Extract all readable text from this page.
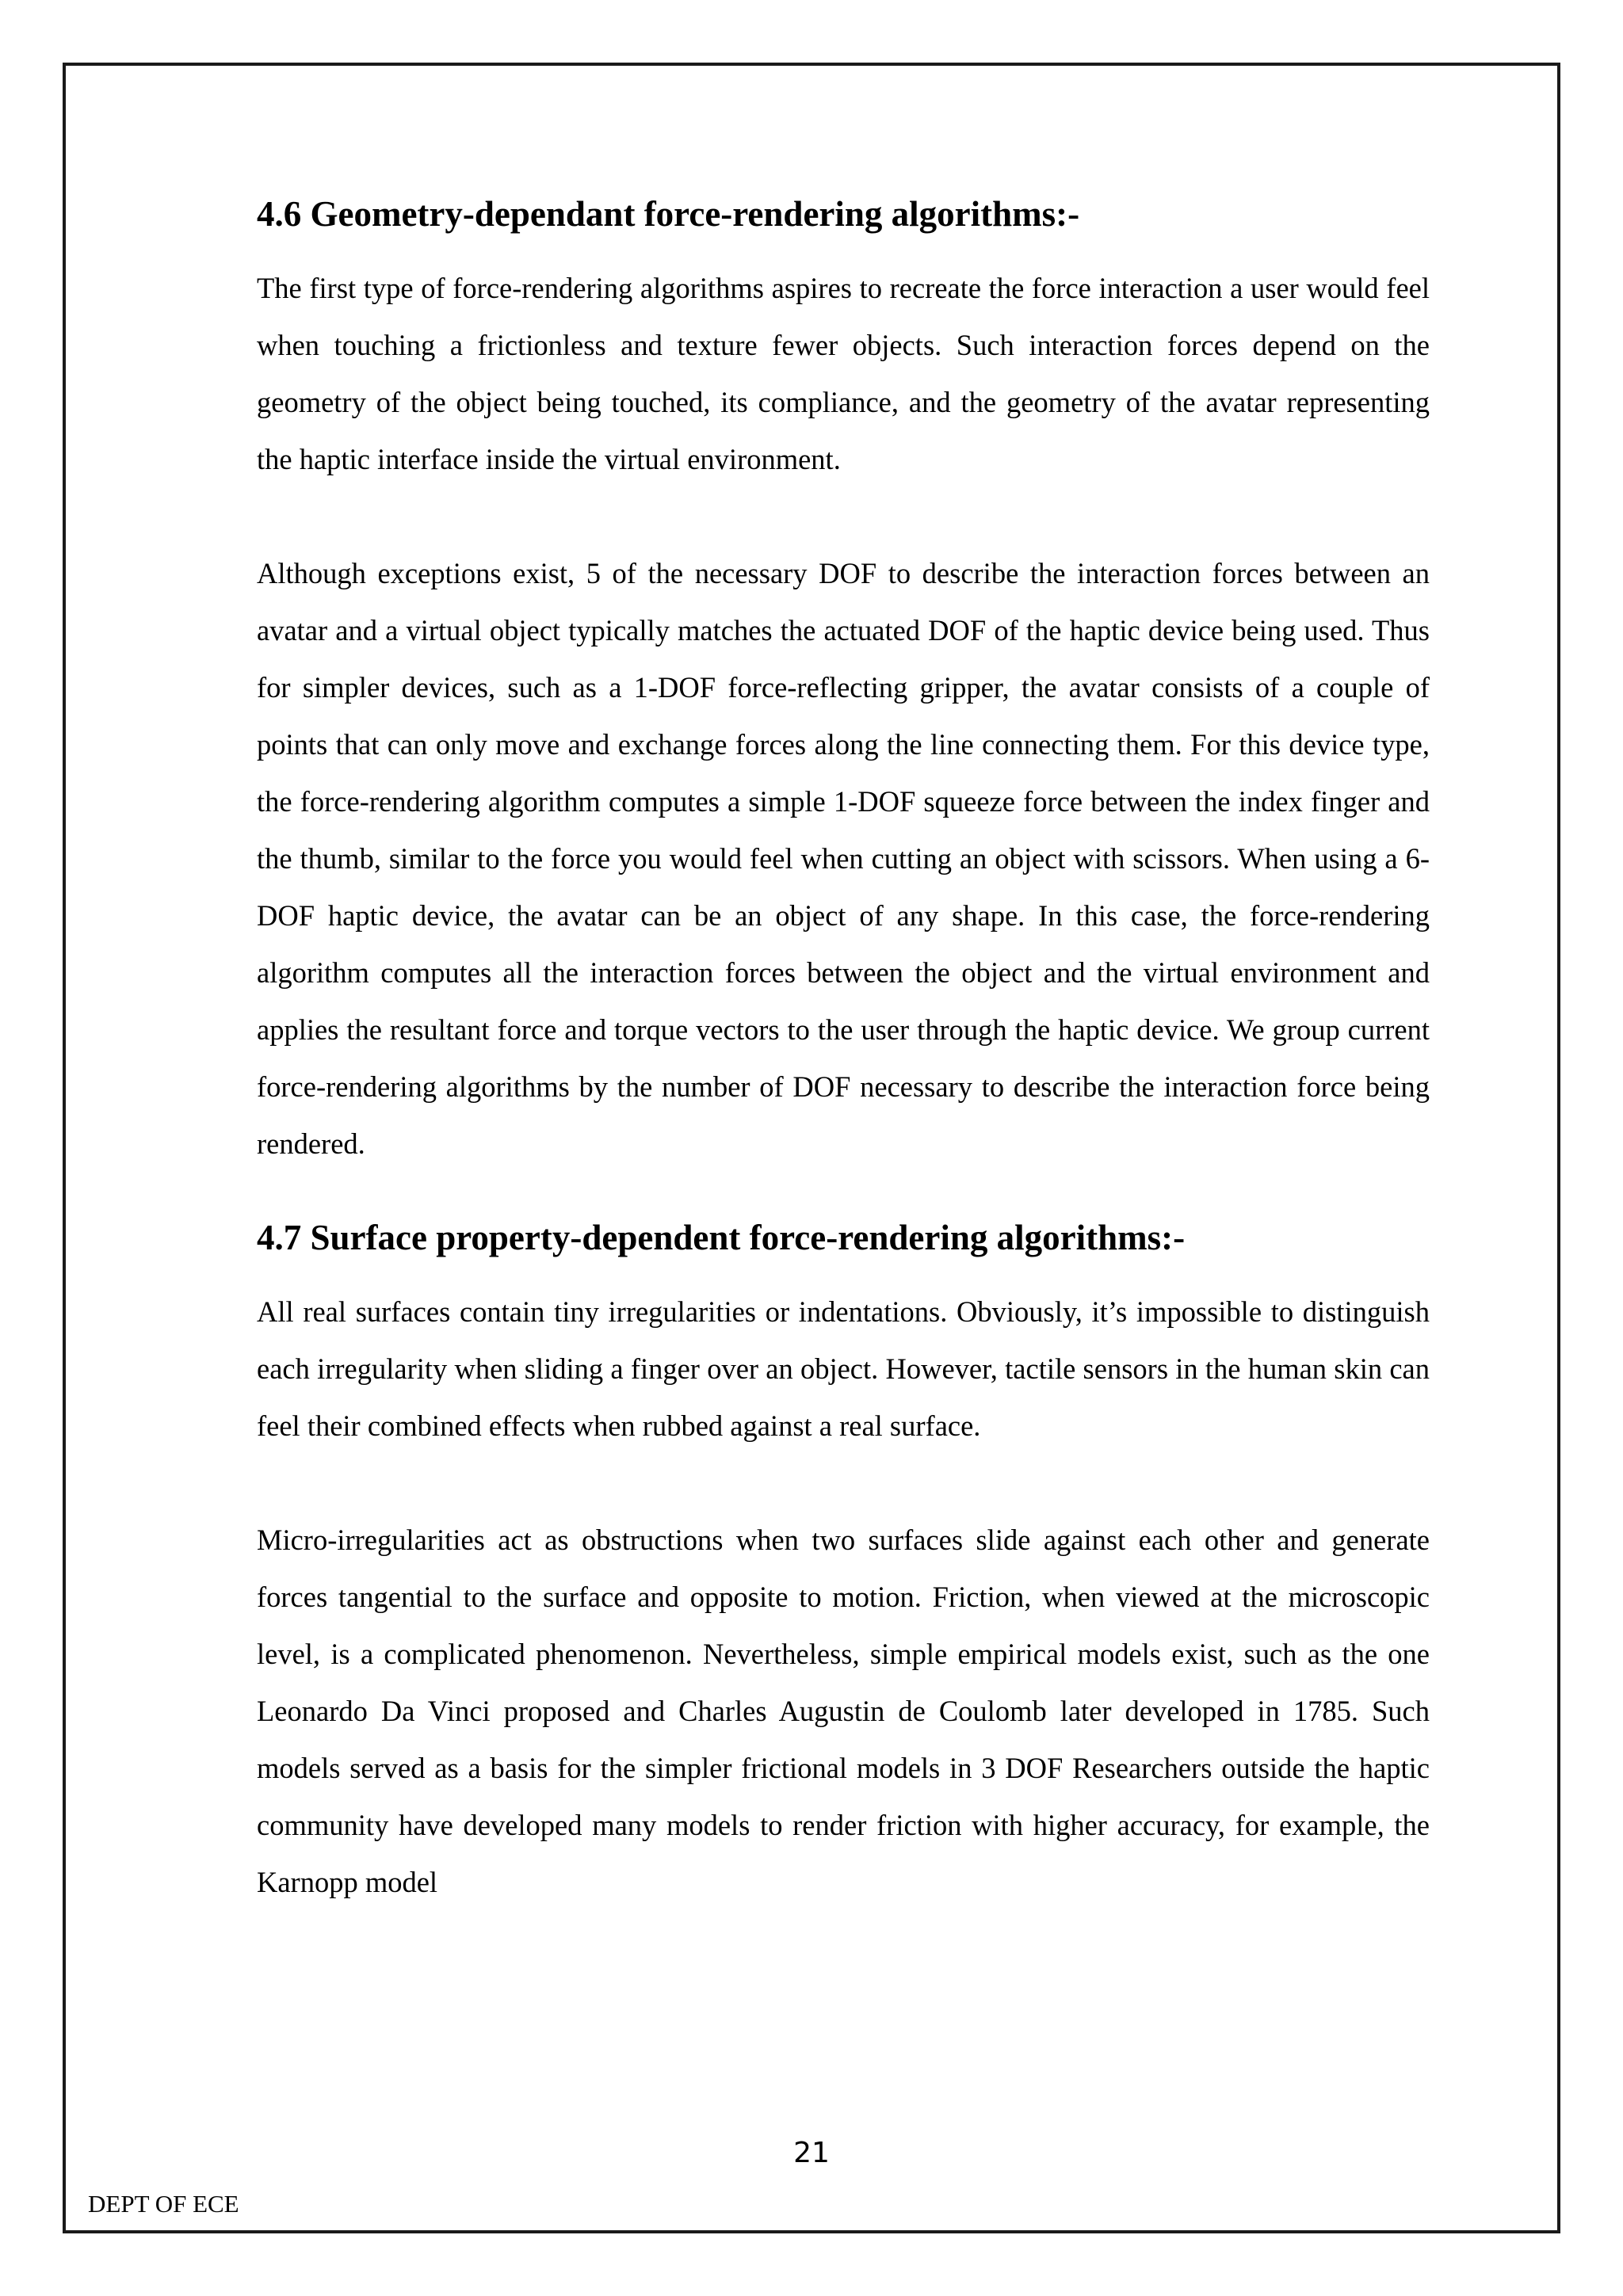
4.6 Geometry-dependant force-rendering algorithms:-

The first type of force-rendering algorithms aspires to recreate the force interaction a user would feel when touching a frictionless and texture fewer objects. Such interaction forces depend on the geometry of the object being touched, its compliance, and the geometry of the avatar representing the haptic interface inside the virtual environment.

Although exceptions exist, 5 of the necessary DOF to describe the interaction forces between an avatar and a virtual object typically matches the actuated DOF of the haptic device being used. Thus for simpler devices, such as a 1-DOF force-reflecting gripper, the avatar consists of a couple of points that can only move and exchange forces along the line connecting them. For this device type, the force-rendering algorithm computes a simple 1-DOF squeeze force between the index finger and the thumb, similar to the force you would feel when cutting an object with scissors. When using a 6-DOF haptic device, the avatar can be an object of any shape. In this case, the force-rendering algorithm computes all the interaction forces between the object and the virtual environment and applies the resultant force and torque vectors to the user through the haptic device. We group current force-rendering algorithms by the number of DOF necessary to describe the interaction force being rendered.

4.7 Surface property-dependent force-rendering algorithms:-

All real surfaces contain tiny irregularities or indentations. Obviously, it’s impossible to distinguish each irregularity when sliding a finger over an object. However, tactile sensors in the human skin can feel their combined effects when rubbed against a real surface.

Micro-irregularities act as obstructions when two surfaces slide against each other and generate forces tangential to the surface and opposite to motion. Friction, when viewed at the microscopic level, is a complicated phenomenon. Nevertheless, simple empirical models exist, such as the one Leonardo Da Vinci proposed and Charles Augustin de Coulomb later developed in 1785. Such models served as a basis for the simpler frictional models in 3 DOF Researchers outside the haptic community have developed many models to render friction with higher accuracy, for example, the Karnopp model

21
DEPT OF ECE
